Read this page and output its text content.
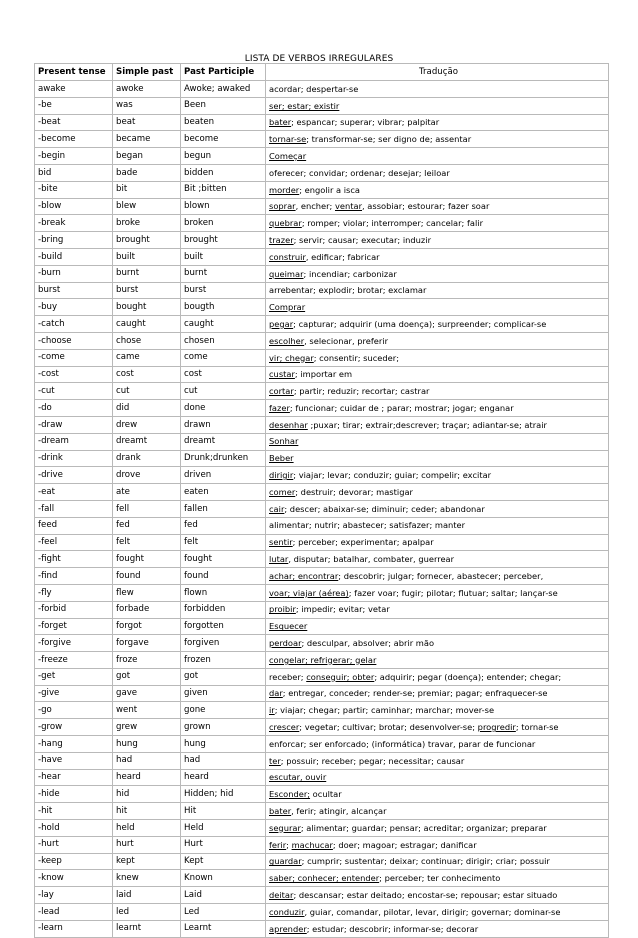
LISTA DE VERBOS IRREGULARES
Present tense	Simple past	Past Participle	Tradução
awake	awoke	Awoke; awaked	acordar; despertar-se
-be	was	Been	ser; estar; existir
-beat	beat	beaten	bater; espancar; superar; vibrar; palpitar
-become	became	become	tornar-se; transformar-se; ser digno de; assentar
-begin	began	begun	Começar
bid	bade	bidden	oferecer; convidar; ordenar; desejar; leiloar
-bite	bit	Bit ;bitten	morder; engolir a isca
-blow	blew	blown	soprar, encher; ventar, assobiar; estourar; fazer soar
-break	broke	broken	quebrar; romper; violar; interromper; cancelar; falir
-bring	brought	brought	trazer; servir; causar; executar; induzir
-build	built	built	construir, edificar; fabricar
-burn	burnt	burnt	queimar; incendiar; carbonizar
burst	burst	burst	arrebentar; explodir; brotar; exclamar
-buy	bought	bougth	Comprar
-catch	caught	caught	pegar; capturar; adquirir (uma doença); surpreender; complicar-se
-choose	chose	chosen	escolher, selecionar, preferir
-come	came	come	vir; chegar; consentir; suceder;
-cost	cost	cost	custar; importar em
-cut	cut	cut	cortar; partir; reduzir; recortar; castrar
-do	did	done	fazer; funcionar; cuidar de ; parar; mostrar; jogar; enganar
-draw	drew	drawn	desenhar ;puxar; tirar; extrair;descrever; traçar; adiantar-se; atrair
-dream	dreamt	dreamt	Sonhar
-drink	drank	Drunk;drunken	Beber
-drive	drove	driven	dirigir; viajar; levar; conduzir; guiar; compelir; excitar
-eat	ate	eaten	comer; destruir; devorar; mastigar
-fall	fell	fallen	cair; descer; abaixar-se; diminuir; ceder; abandonar
feed	fed	fed	alimentar; nutrir; abastecer; satisfazer; manter
-feel	felt	felt	sentir; perceber; experimentar; apalpar
-fight	fought	fought	lutar, disputar; batalhar, combater, guerrear
-find	found	found	achar; encontrar; descobrir; julgar; fornecer, abastecer; perceber,
-fly	flew	flown	voar; viajar (aérea); fazer voar; fugir; pilotar; flutuar; saltar; lançar-se
-forbid	forbade	forbidden	proibir; impedir; evitar; vetar
-forget	forgot	forgotten	Esquecer
-forgive	forgave	forgiven	perdoar; desculpar, absolver; abrir mão
-freeze	froze	frozen	congelar; refrigerar; gelar
-get	got	got	receber; conseguir; obter; adquirir; pegar (doença); entender; chegar;
-give	gave	given	dar; entregar, conceder; render-se; premiar; pagar; enfraquecer-se
-go	went	gone	ir; viajar; chegar; partir; caminhar; marchar; mover-se
-grow	grew	grown	crescer; vegetar; cultivar; brotar; desenvolver-se; progredir; tornar-se
-hang	hung	hung	enforcar; ser enforcado; (informática) travar, parar de funcionar
-have	had	had	ter; possuir; receber; pegar; necessitar; causar
-hear	heard	heard	escutar, ouvir
-hide	hid	Hidden; hid	Esconder; ocultar
-hit	hit	Hit	bater, ferir; atingir, alcançar
-hold	held	Held	segurar; alimentar; guardar; pensar; acreditar; organizar; preparar
-hurt	hurt	Hurt	ferir; machucar; doer; magoar; estragar; danificar
-keep	kept	Kept	guardar; cumprir; sustentar; deixar; continuar; dirigir; criar; possuir
-know	knew	Known	saber; conhecer; entender; perceber; ter conhecimento
-lay	laid	Laid	deitar; descansar; estar deitado; encostar-se; repousar; estar situado
-lead	led	Led	conduzir, guiar, comandar, pilotar, levar, dirigir; governar; dominar-se
-learn	learnt	Learnt	aprender; estudar; descobrir; informar-se; decorar
